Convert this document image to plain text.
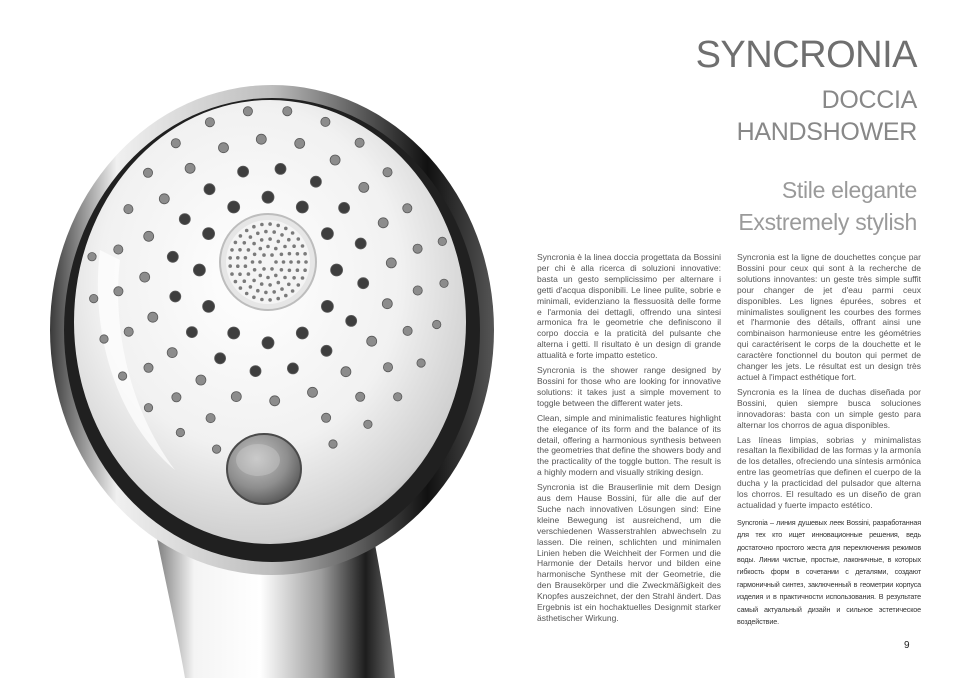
SYNCRONIA
DOCCIA
HANDSHOWER
Stile elegante
Exstremely stylish

Syncronia è la linea doccia progettata da Bossini per chi è alla ricerca di soluzioni innovative: basta un gesto semplicissimo per alternare i getti d'acqua disponibili. Le linee pulite, sobrie e minimali, evidenziano la flessuosità delle forme e l'armonia dei dettagli, offrendo una sintesi armonica fra le geometrie che definiscono il corpo doccia e la praticità del pulsante che alterna i getti. Il risultato è un design di grande attualità e forte impatto estetico.

Syncronia is the shower range designed by Bossini for those who are looking for innovative solutions: it takes just a simple movement to toggle between the different water jets.

Clean, simple and minimalistic features highlight the elegance of its form and the balance of its detail, offering a harmonious synthesis between the geometries that define the showers body and the practicality of the toggle button. The result is a highly modern and visually striking design.

Syncronia ist die Brauserlinie mit dem Design aus dem Hause Bossini, für alle die auf der Suche nach innovativen Lösungen sind: Eine kleine Bewegung ist ausreichend, um die verschiedenen Wasserstrahlen abwechseln zu lassen. Die reinen, schlichten und minimalen Linien heben die Weichheit der Formen und die Harmonie der Details hervor und bilden eine harmonische Synthese mit der Geometrie, die den Brausekörper und die Zweckmäßigkeit des Knopfes auszeichnet, der den Strahl ändert. Das Ergebnis ist ein hochaktuelles Designmit starker ästhetischer Wirkung.

Syncronia est la ligne de douchettes conçue par Bossini pour ceux qui sont à la recherche de solutions innovantes: un geste très simple suffit pour changer de jet d'eau parmi ceux disponibles. Les lignes épurées, sobres et minimalistes soulignent les courbes des formes et l'harmonie des détails, offrant ainsi une combinaison harmonieuse entre les géométries qui caractérisent le corps de la douchette et le caractère fonctionnel du bouton qui permet de changer les jets. Le résultat est un design très actuel à l'impact esthétique fort.

Syncronia es la línea de duchas diseñada por Bossini, quien siempre busca soluciones innovadoras: basta con un simple gesto para alternar los chorros de agua disponibles.

Las líneas limpias, sobrias y minimalistas resaltan la flexibilidad de las formas y la armonía de los detalles, ofreciendo una síntesis armónica entre las geometrías que definen el cuerpo de la ducha y la practicidad del pulsador que alterna los chorros. El resultado es un diseño de gran actualidad y fuerte impacto estético.

Syncronia – линия душевых леек Bossini, разработанная для тех кто ищет инновационные решения, ведь достаточно простого жеста для переключения режимов воды. Линии чистые, простые, лаконичные, в которых гибкость форм в сочетании с деталями, создают гармоничный синтез, заключенный в геометрии корпуса изделия и в практичности использования. В результате самый актуальный дизайн и сильное эстетическое воздействие.

9
